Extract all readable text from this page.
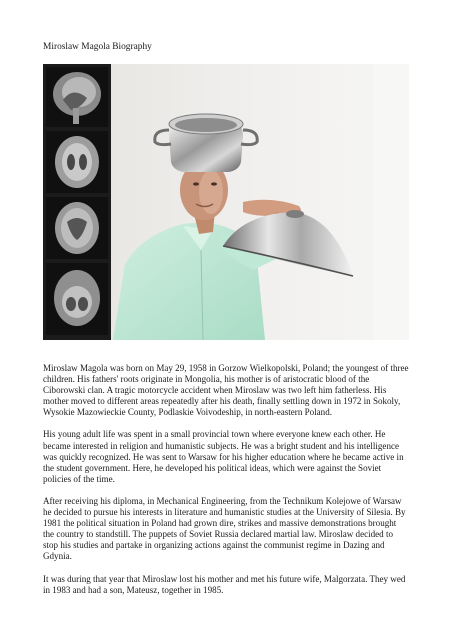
Miroslaw Magola Biography

Miroslaw Magola was born on May 29, 1958 in Gorzow Wielkopolski, Poland; the youngest of three children. His fathers' roots originate in Mongolia, his mother is of aristocratic blood of the Ciborowski clan. A tragic motorcycle accident when Miroslaw was two left him fatherless. His mother moved to different areas repeatedly after his death, finally settling down in 1972 in Sokoly, Wysokie Mazowieckie County, Podlaskie Voivodeship, in north-eastern Poland.

His young adult life was spent in a small provincial town where everyone knew each other. He became interested in religion and humanistic subjects. He was a bright student and his intelligence was quickly recognized. He was sent to Warsaw for his higher education where he became active in the student government. Here, he developed his political ideas, which were against the Soviet policies of the time.

After receiving his diploma, in Mechanical Engineering, from the Technikum Kolejowe of Warsaw he decided to pursue his interests in literature and humanistic studies at the University of Silesia. By 1981 the political situation in Poland had grown dire, strikes and massive demonstrations brought the country to standstill. The puppets of Soviet Russia declared martial law. Miroslaw decided to stop his studies and partake in organizing actions against the communist regime in Dazing and Gdynia.

It was during that year that Miroslaw lost his mother and met his future wife, Malgorzata. They wed in 1983 and had a son, Mateusz, together in 1985.
